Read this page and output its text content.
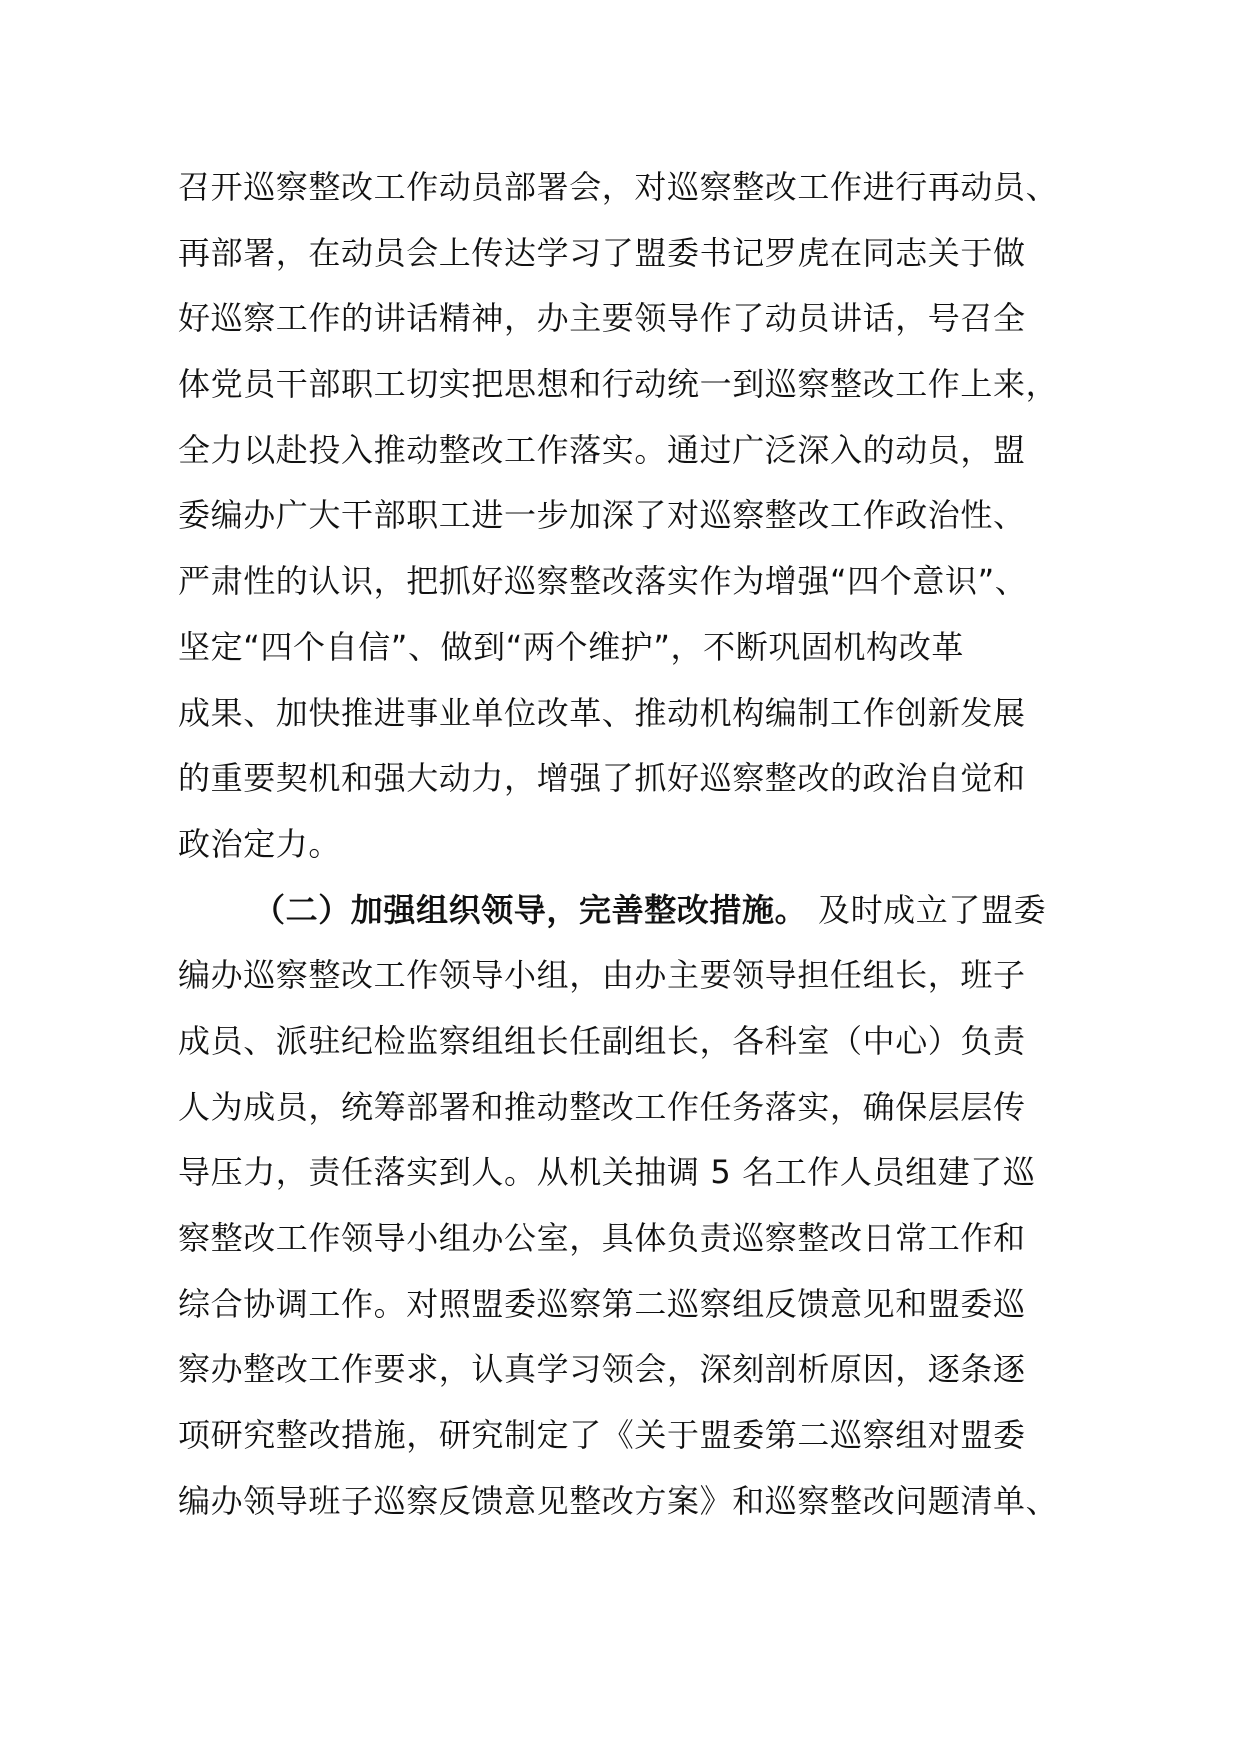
召开巡察整改工作动员部署会，对巡察整改工作进行再动员、
再部署，在动员会上传达学习了盟委书记罗虎在同志关于做
好巡察工作的讲话精神，办主要领导作了动员讲话，号召全
体党员干部职工切实把思想和行动统一到巡察整改工作上来，
全力以赴投入推动整改工作落实。通过广泛深入的动员，盟
委编办广大干部职工进一步加深了对巡察整改工作政治性、
严肃性的认识，把抓好巡察整改落实作为增强“四个意识”、
坚定“四个自信”、做到“两个维护”，不断巩固机构改革
成果、加快推进事业单位改革、推动机构编制工作创新发展
的重要契机和强大动力，增强了抓好巡察整改的政治自觉和
政治定力。
（二）加强组织领导，完善整改措施。 及时成立了盟委
编办巡察整改工作领导小组，由办主要领导担任组长，班子
成员、派驻纪检监察组组长任副组长，各科室（中心）负责
人为成员，统筹部署和推动整改工作任务落实，确保层层传
导压力，责任落实到人。从机关抽调 5 名工作人员组建了巡
察整改工作领导小组办公室，具体负责巡察整改日常工作和
综合协调工作。对照盟委巡察第二巡察组反馈意见和盟委巡
察办整改工作要求，认真学习领会，深刻剖析原因，逐条逐
项研究整改措施，研究制定了《关于盟委第二巡察组对盟委
编办领导班子巡察反馈意见整改方案》和巡察整改问题清单、
